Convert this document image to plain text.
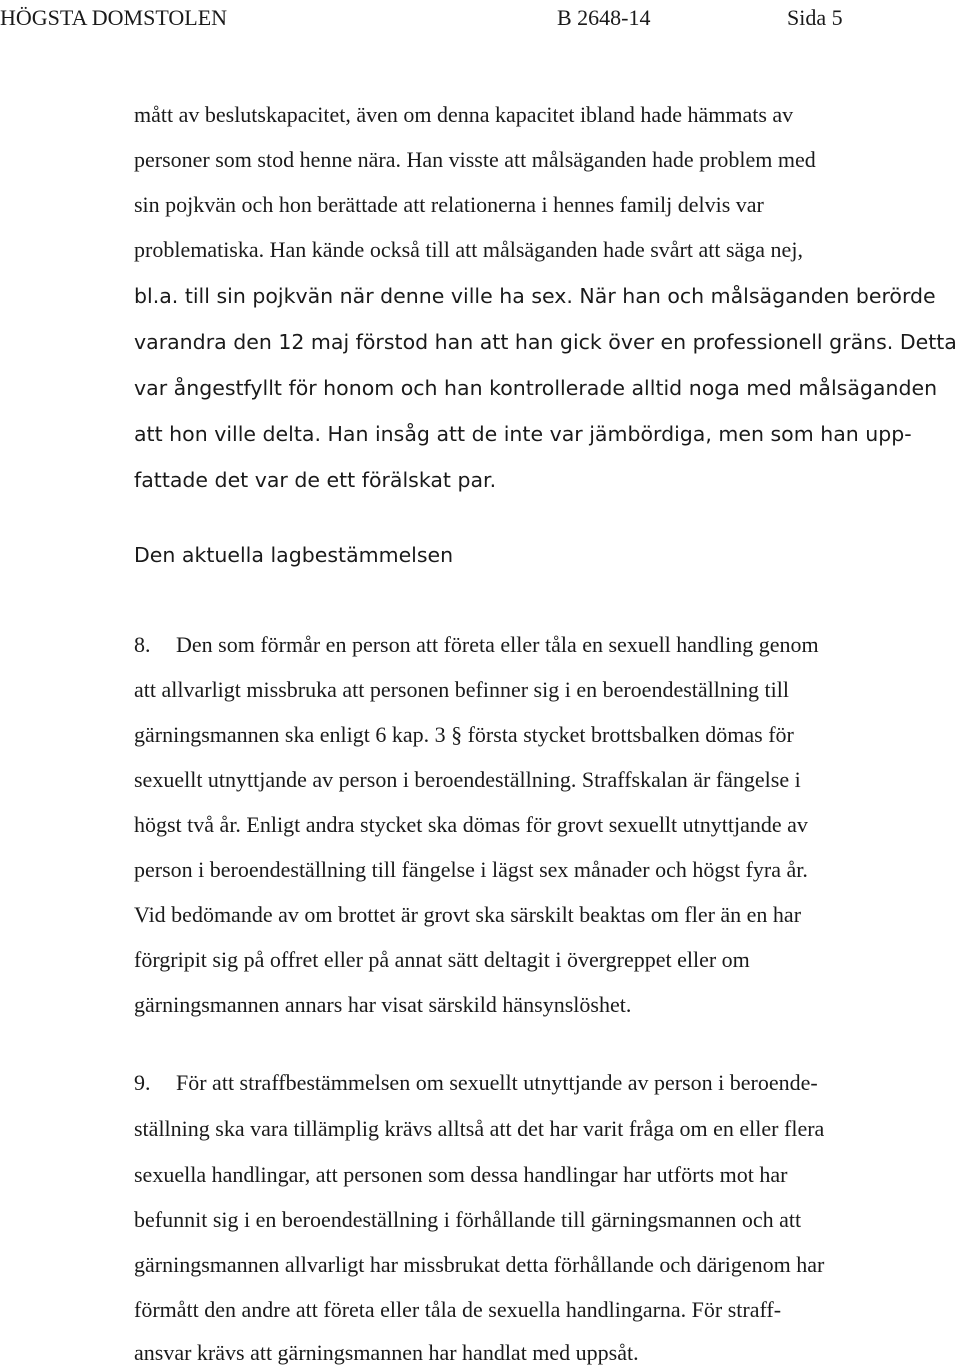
HÖGSTA DOMSTOLEN	B 2648-14	Sida 5
mått av beslutskapacitet, även om denna kapacitet ibland hade hämmats av
personer som stod henne nära. Han visste att målsäganden hade problem med
sin pojkvän och hon berättade att relationerna i hennes familj delvis var
problematiska. Han kände också till att målsäganden hade svårt att säga nej,
bl.a. till sin pojkvän när denne ville ha sex. När han och målsäganden berörde
varandra den 12 maj förstod han att han gick över en professionell gräns. Detta
var ångestfyllt för honom och han kontrollerade alltid noga med målsäganden
att hon ville delta. Han insåg att de inte var jämbördiga, men som han upp-
fattade det var de ett förälskat par.
Den aktuella lagbestämmelsen
8. Den som förmår en person att företa eller tåla en sexuell handling genom
att allvarligt missbruka att personen befinner sig i en beroendeställning till
gärningsmannen ska enligt 6 kap. 3 § första stycket brottsbalken dömas för
sexuellt utnyttjande av person i beroendeställning. Straffskalan är fängelse i
högst två år. Enligt andra stycket ska dömas för grovt sexuellt utnyttjande av
person i beroendeställning till fängelse i lägst sex månader och högst fyra år.
Vid bedömande av om brottet är grovt ska särskilt beaktas om fler än en har
förgripit sig på offret eller på annat sätt deltagit i övergreppet eller om
gärningsmannen annars har visat särskild hänsynslöshet.
9. För att straffbestämmelsen om sexuellt utnyttjande av person i beroende-
ställning ska vara tillämplig krävs alltså att det har varit fråga om en eller flera
sexuella handlingar, att personen som dessa handlingar har utförts mot har
befunnit sig i en beroendeställning i förhållande till gärningsmannen och att
gärningsmannen allvarligt har missbrukat detta förhållande och därigenom har
förmått den andre att företa eller tåla de sexuella handlingarna. För straff-
ansvar krävs att gärningsmannen har handlat med uppsåt.
